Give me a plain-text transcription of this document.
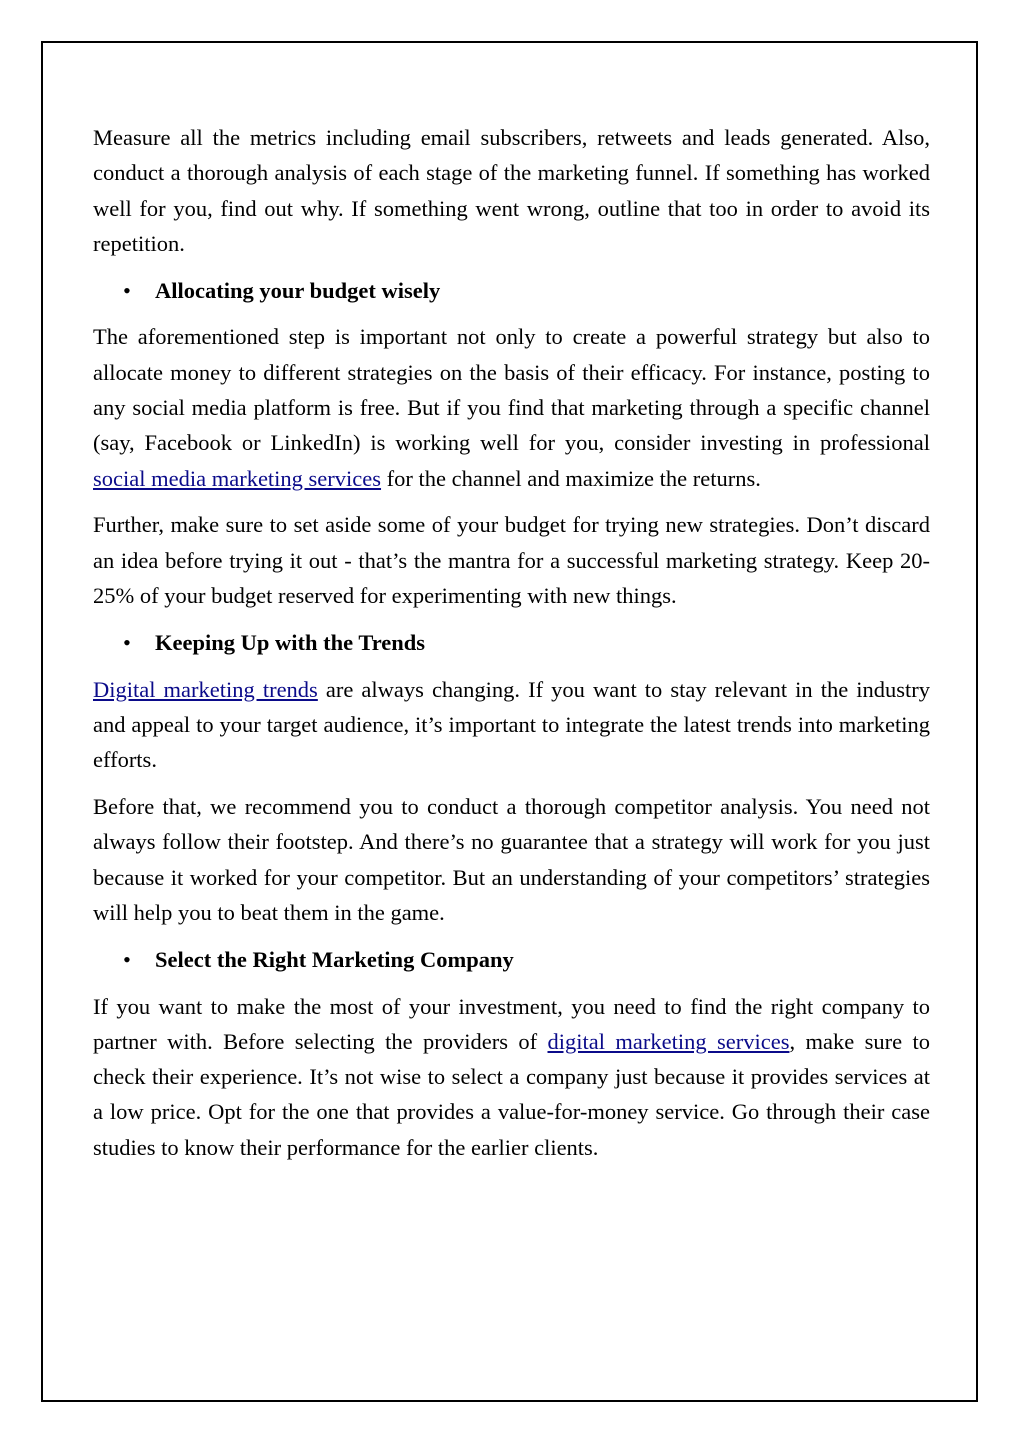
Measure all the metrics including email subscribers, retweets and leads generated. Also, conduct a thorough analysis of each stage of the marketing funnel. If something has worked well for you, find out why. If something went wrong, outline that too in order to avoid its repetition.

• Allocating your budget wisely

The aforementioned step is important not only to create a powerful strategy but also to allocate money to different strategies on the basis of their efficacy. For instance, posting to any social media platform is free. But if you find that marketing through a specific channel (say, Facebook or LinkedIn) is working well for you, consider investing in professional social media marketing services for the channel and maximize the returns.

Further, make sure to set aside some of your budget for trying new strategies. Don’t discard an idea before trying it out - that’s the mantra for a successful marketing strategy. Keep 20-25% of your budget reserved for experimenting with new things.

• Keeping Up with the Trends

Digital marketing trends are always changing. If you want to stay relevant in the industry and appeal to your target audience, it’s important to integrate the latest trends into marketing efforts.

Before that, we recommend you to conduct a thorough competitor analysis. You need not always follow their footstep. And there’s no guarantee that a strategy will work for you just because it worked for your competitor. But an understanding of your competitors’ strategies will help you to beat them in the game.

• Select the Right Marketing Company

If you want to make the most of your investment, you need to find the right company to partner with. Before selecting the providers of digital marketing services, make sure to check their experience. It’s not wise to select a company just because it provides services at a low price. Opt for the one that provides a value-for-money service. Go through their case studies to know their performance for the earlier clients.
